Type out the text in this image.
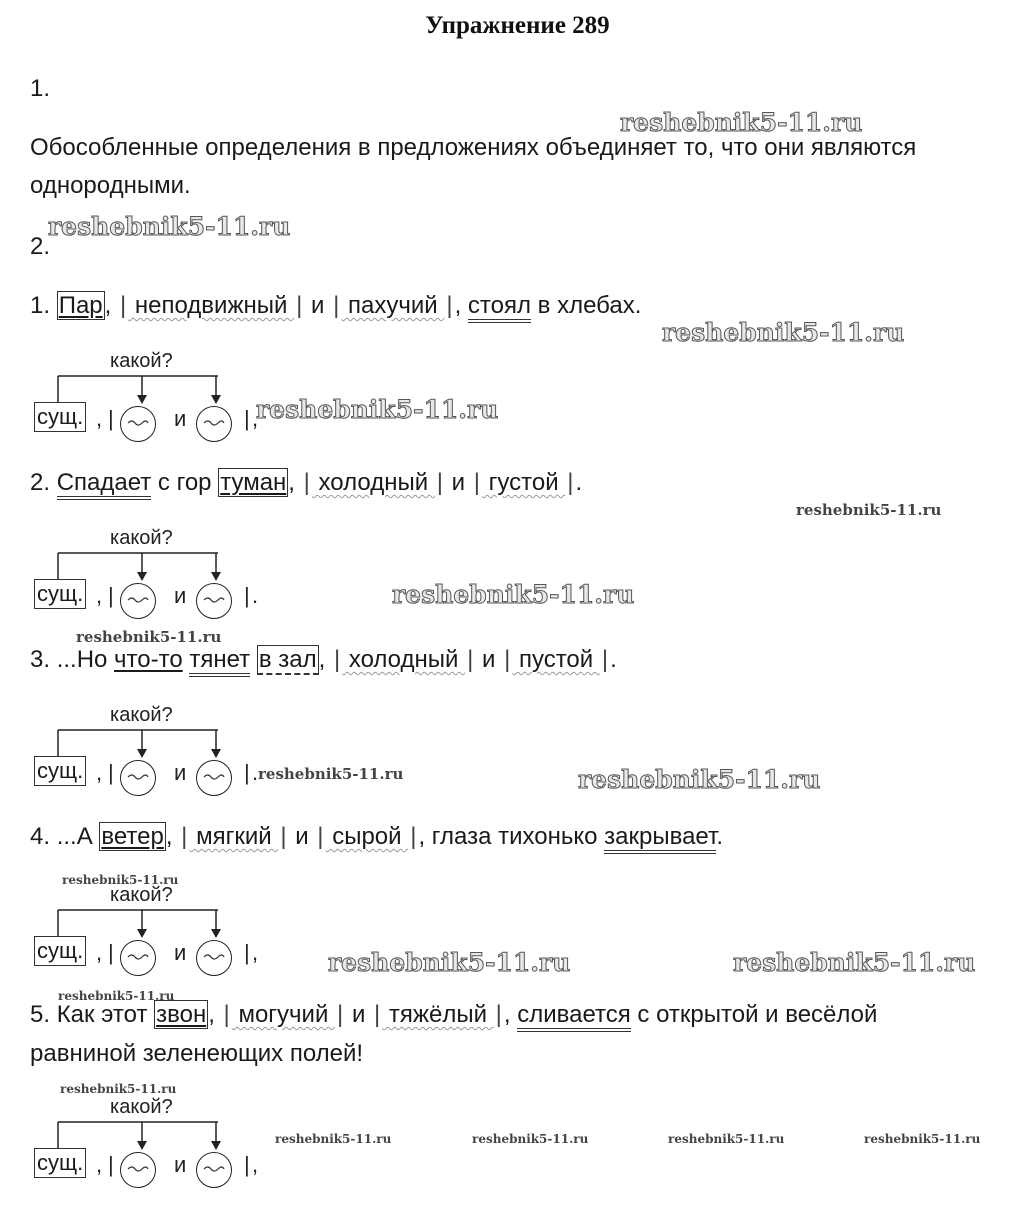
Упражнение 289
1.
reshebnik5-11.ru
Обособленные определения в предложениях объединяет то, что они являются
однородными.
2.
reshebnik5-11.ru
1. Пар, | неподвижный | и | пахучий |, стоял в хлебах.
reshebnik5-11.ru
какой?
сущ. , |	и	| ,
reshebnik5-11.ru
2. Спадает с гор туман, | холодный | и | густой |.
reshebnik5-11.ru
какой?
сущ. , |	и	| .	reshebnik5-11.ru
reshebnik5-11.ru
3. ...Но что-то тянет в зал, | холодный | и | пустой |.
какой?
сущ. , |	и	| . reshebnik5-11.ru	reshebnik5-11.ru
4. ...А ветер, | мягкий | и | сырой |, глаза тихонько закрывает.
reshebnik5-11.ru
какой?
сущ. , |	и	| ,	reshebnik5-11.ru	reshebnik5-11.ru
reshebnik5-11.ru
5. Как этот звон, | могучий | и | тяжёлый |, сливается с открытой и весёлой
равниной зеленеющих полей!
reshebnik5-11.ru
какой?
сущ. , |	и	| ,
reshebnik5-11.ru	reshebnik5-11.ru	reshebnik5-11.ru	reshebnik5-11.ru
